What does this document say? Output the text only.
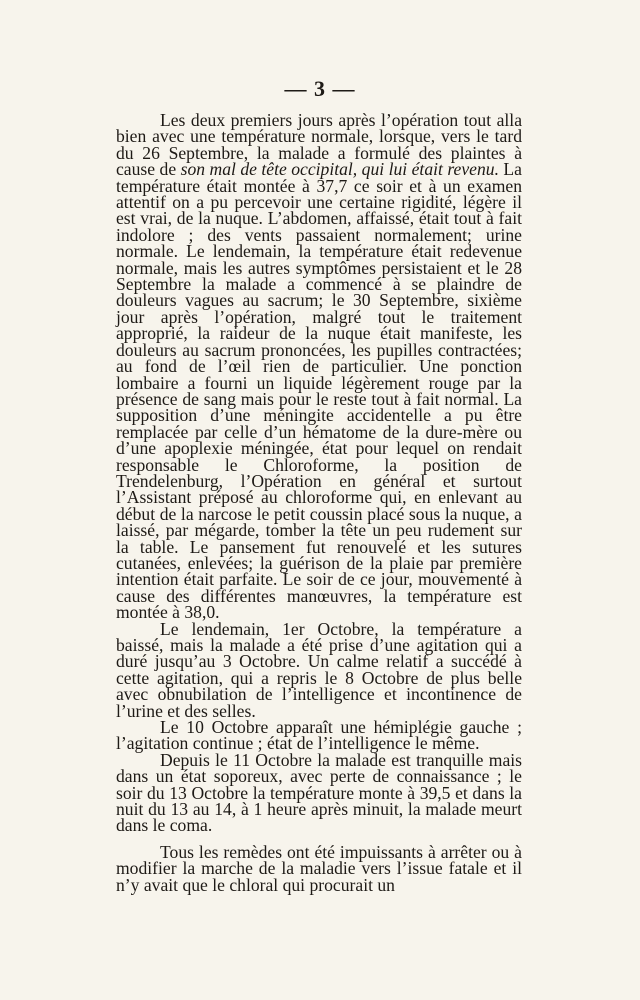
— 3 —

Les deux premiers jours après l’opération tout alla bien avec une température normale, lorsque, vers le tard du 26 Septembre, la malade a formulé des plaintes à cause de son mal de tête occipital, qui lui était revenu. La température était montée à 37,7 ce soir et à un examen attentif on a pu percevoir une certaine rigidité, légère il est vrai, de la nuque. L’abdomen, affaissé, était tout à fait indolore ; des vents passaient normalement; urine normale. Le lendemain, la température était redevenue normale, mais les autres symptômes persistaient et le 28 Septembre la malade a commencé à se plaindre de douleurs vagues au sacrum; le 30 Septembre, sixième jour après l’opération, malgré tout le traitement approprié, la raideur de la nuque était manifeste, les douleurs au sacrum prononcées, les pupilles contractées; au fond de l’œil rien de particulier. Une ponction lombaire a fourni un liquide légèrement rouge par la présence de sang mais pour le reste tout à fait normal. La supposition d’une méningite accidentelle a pu être remplacée par celle d’un hématome de la dure-mère ou d’une apoplexie méningée, état pour lequel on rendait responsable le Chloroforme, la position de Trendelenburg, l’Opération en général et surtout l’Assistant préposé au chloroforme qui, en enlevant au début de la narcose le petit coussin placé sous la nuque, a laissé, par mégarde, tomber la tête un peu rudement sur la table. Le pansement fut renouvelé et les sutures cutanées, enlevées; la guérison de la plaie par première intention était parfaite. Le soir de ce jour, mouvementé à cause des différentes manœuvres, la température est montée à 38,0.

Le lendemain, 1er Octobre, la température a baissé, mais la malade a été prise d’une agitation qui a duré jusqu’au 3 Octobre. Un calme relatif a succédé à cette agitation, qui a repris le 8 Octobre de plus belle avec obnubilation de l’intelligence et incontinence de l’urine et des selles.

Le 10 Octobre apparaît une hémiplégie gauche ; l’agitation continue ; état de l’intelligence le même.

Depuis le 11 Octobre la malade est tranquille mais dans un état soporeux, avec perte de connaissance ; le soir du 13 Octobre la température monte à 39,5 et dans la nuit du 13 au 14, à 1 heure après minuit, la malade meurt dans le coma.

Tous les remèdes ont été impuissants à arrêter ou à modifier la marche de la maladie vers l’issue fatale et il n’y avait que le chloral qui procurait un
